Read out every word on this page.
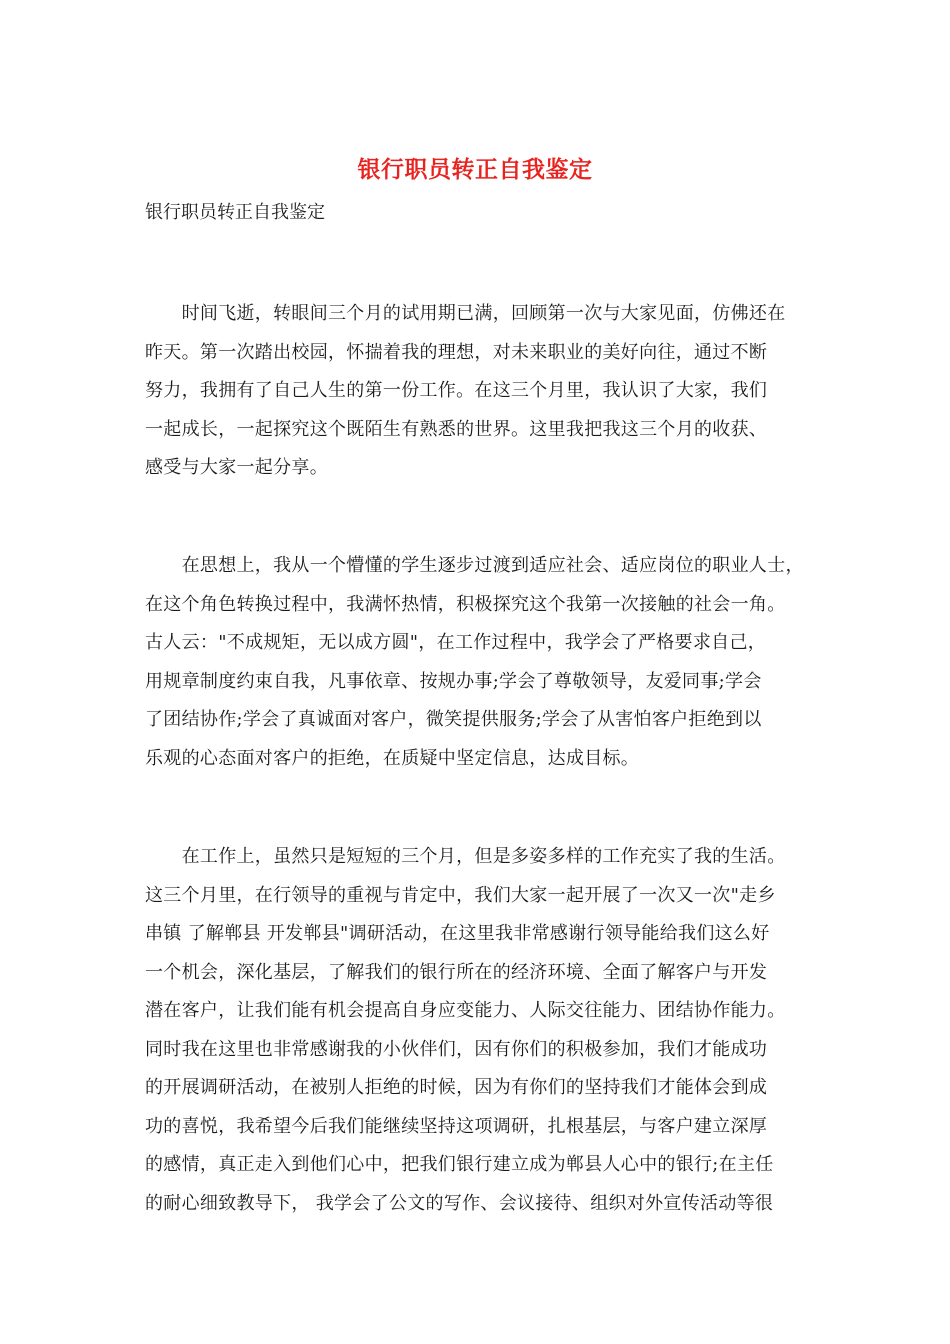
银行职员转正自我鉴定
银行职员转正自我鉴定
　　时间飞逝，转眼间三个月的试用期已满，回顾第一次与大家见面，仿佛还在
昨天。第一次踏出校园，怀揣着我的理想，对未来职业的美好向往，通过不断
努力，我拥有了自己人生的第一份工作。在这三个月里，我认识了大家，我们
一起成长，一起探究这个既陌生有熟悉的世界。这里我把我这三个月的收获、
感受与大家一起分享。
　　在思想上，我从一个懵懂的学生逐步过渡到适应社会、适应岗位的职业人士，
在这个角色转换过程中，我满怀热情，积极探究这个我第一次接触的社会一角。
古人云："不成规矩，无以成方圆"，在工作过程中，我学会了严格要求自己，
用规章制度约束自我，凡事依章、按规办事;学会了尊敬领导，友爱同事;学会
了团结协作;学会了真诚面对客户，微笑提供服务;学会了从害怕客户拒绝到以
乐观的心态面对客户的拒绝，在质疑中坚定信息，达成目标。
　　在工作上，虽然只是短短的三个月，但是多姿多样的工作充实了我的生活。
这三个月里，在行领导的重视与肯定中，我们大家一起开展了一次又一次"走乡
串镇 了解郸县 开发郸县"调研活动，在这里我非常感谢行领导能给我们这么好
一个机会，深化基层，了解我们的银行所在的经济环境、全面了解客户与开发
潜在客户，让我们能有机会提高自身应变能力、人际交往能力、团结协作能力。
同时我在这里也非常感谢我的小伙伴们，因有你们的积极参加，我们才能成功
的开展调研活动，在被别人拒绝的时候，因为有你们的坚持我们才能体会到成
功的喜悦，我希望今后我们能继续坚持这项调研，扎根基层，与客户建立深厚
的感情，真正走入到他们心中，把我们银行建立成为郸县人心中的银行;在主任
的耐心细致教导下， 我学会了公文的写作、会议接待、组织对外宣传活动等很
